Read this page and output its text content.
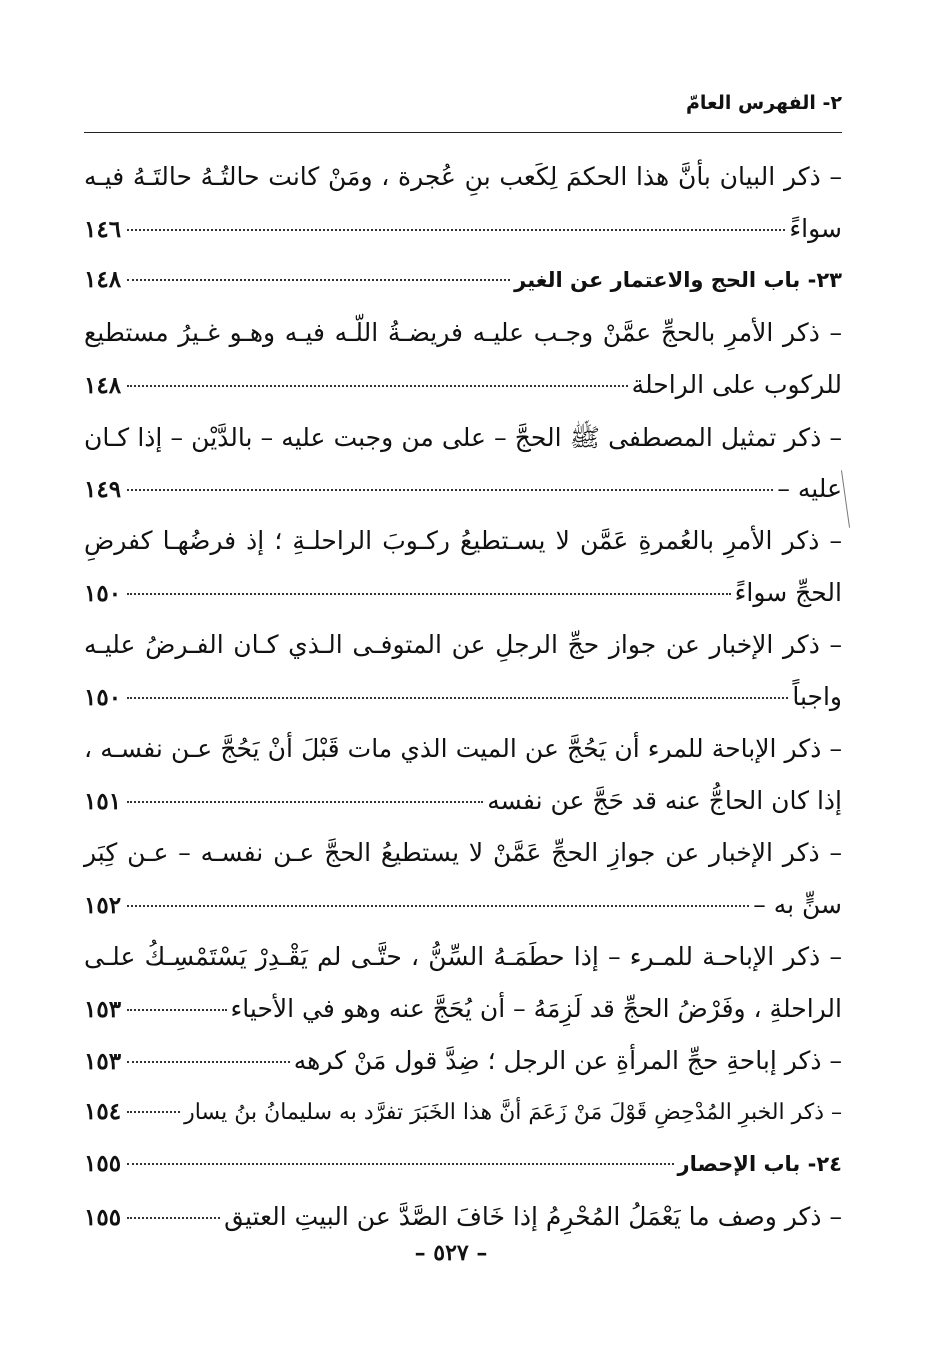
٢- الفهرس العامّ
– ذكر البيان بأنَّ هذا الحكمَ لِكَعب بنِ عُجرة ، ومَنْ كانت حالتُـهُ حالتَـهُ فيـه
سواءً
١٤٦
٢٣- باب الحج والاعتمار عن الغير
١٤٨
– ذكر الأمرِ بالحجِّ عمَّنْ وجـب عليـه فريضـةُ اللّـه فيـه وهـو غـيرُ مستطيع
للركوب على الراحلة
١٤٨
– ذكر تمثيل المصطفى ﷺ الحجَّ – على من وجبت عليه – بالدَّيْن – إذا كـان
عليه –
١٤٩
– ذكر الأمرِ بالعُمرةِ عَمَّن لا يسـتطيعُ ركـوبَ الراحلـةِ ؛ إذ فرضُهـا كفرضِ
الحجِّ سواءً
١٥٠
– ذكر الإخبار عن جواز حجِّ الرجلِ عن المتوفـى الـذي كـان الفـرضُ عليـه
واجباً
١٥٠
– ذكر الإباحة للمرء أن يَحُجَّ عن الميت الذي مات قَبْلَ أنْ يَحُجَّ عـن نفسـه ،
إذا كان الحاجُّ عنه قد حَجَّ عن نفسه
١٥١
– ذكر الإخبار عن جوازِ الحجِّ عَمَّنْ لا يستطيعُ الحجَّ عـن نفسـه – عـن كِبَر
سنٍّ به –
١٥٢
– ذكر الإباحـة للمـرء – إذا حطَمَـهُ السِّنُّ ، حتَّـى لم يَقْـدِرْ يَسْتَمْسِـكُ علـى
الراحلةِ ، وفَرْضُ الحجِّ قد لَزِمَهُ – أن يُحَجَّ عنه وهو في الأحياء
١٥٣
– ذكر إباحةِ حجِّ المرأةِ عن الرجل ؛ ضِدَّ قول مَنْ كرهه
١٥٣
– ذكر الخبرِ المُدْحِضِ قَوْلَ مَنْ زَعَمَ أنَّ هذا الخَبَرَ تفرَّد به سليمانُ بنُ يسار
١٥٤
٢٤- باب الإحصار
١٥٥
– ذكر وصف ما يَعْمَلُ المُحْرِمُ إذا خَافَ الصَّدَّ عن البيتِ العتيق
١٥٥
– ٥٢٧ –
